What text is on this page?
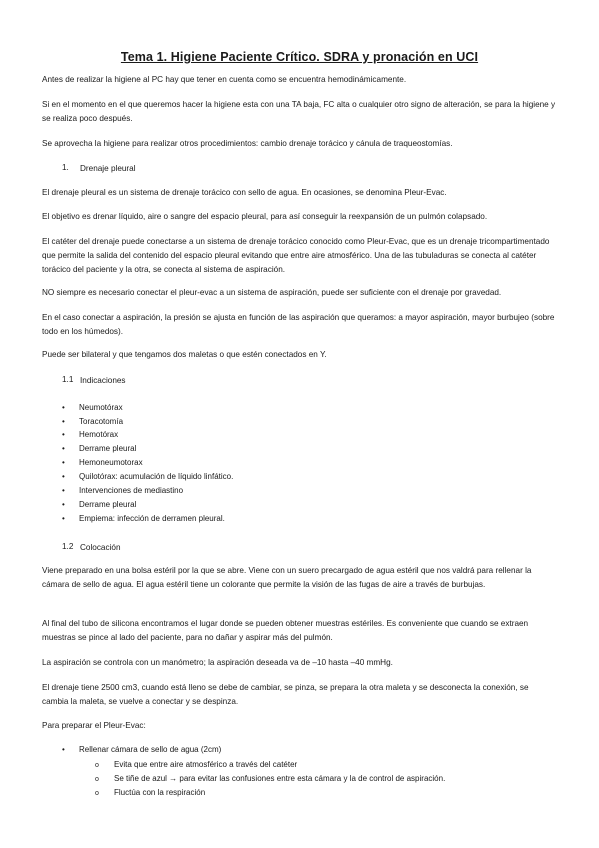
Tema 1. Higiene Paciente Crítico. SDRA y pronación en UCI

Antes de realizar la higiene al PC hay que tener en cuenta como se encuentra hemodinámicamente.

Si en el momento en el que queremos hacer la higiene esta con una TA baja, FC alta o cualquier otro signo de alteración, se para la higiene y se realiza poco después.

Se aprovecha la higiene para realizar otros procedimientos: cambio drenaje torácico y cánula de traqueostomías.

1. Drenaje pleural

El drenaje pleural es un sistema de drenaje torácico con sello de agua. En ocasiones, se denomina Pleur-Evac.

El objetivo es drenar líquido, aire o sangre del espacio pleural, para así conseguir la reexpansión de un pulmón colapsado.

El catéter del drenaje puede conectarse a un sistema de drenaje torácico conocido como Pleur-Evac, que es un drenaje tricompartimentado que permite la salida del contenido del espacio pleural evitando que entre aire atmosférico. Una de las tubuladuras se conecta al catéter torácico del paciente y la otra, se conecta al sistema de aspiración.

NO siempre es necesario conectar el pleur-evac a un sistema de aspiración, puede ser suficiente con el drenaje por gravedad.

En el caso conectar a aspiración, la presión se ajusta en función de las aspiración que queramos: a mayor aspiración, mayor burbujeo (sobre todo en los húmedos).

Puede ser bilateral y que tengamos dos maletas o que estén conectados en Y.

1.1 Indicaciones
• Neumotórax
• Toracotomía
• Hemotórax
• Derrame pleural
• Hemoneumotorax
• Quilotórax: acumulación de líquido linfático.
• Intervenciones de mediastino
• Derrame pleural
• Empiema: infección de derramen pleural.
1.2 Colocación

Viene preparado en una bolsa estéril por la que se abre. Viene con un suero precargado de agua estéril que nos valdrá para rellenar la cámara de sello de agua. El agua estéril tiene un colorante que permite la visión de las fugas de aire a través de burbujas.

Al final del tubo de silicona encontramos el lugar donde se pueden obtener muestras estériles. Es conveniente que cuando se extraen muestras se pince al lado del paciente, para no dañar y aspirar más del pulmón.

La aspiración se controla con un manómetro; la aspiración deseada va de –10 hasta –40 mmHg.

El drenaje tiene 2500 cm3, cuando está lleno se debe de cambiar, se pinza, se prepara la otra maleta y se desconecta la conexión, se cambia la maleta, se vuelve a conectar y se despinza.

Para preparar el Pleur-Evac:

• Rellenar cámara de sello de agua (2cm)
o Evita que entre aire atmosférico a través del catéter
o Se tiñe de azul → para evitar las confusiones entre esta cámara y la de control de aspiración.
o Fluctúa con la respiración
